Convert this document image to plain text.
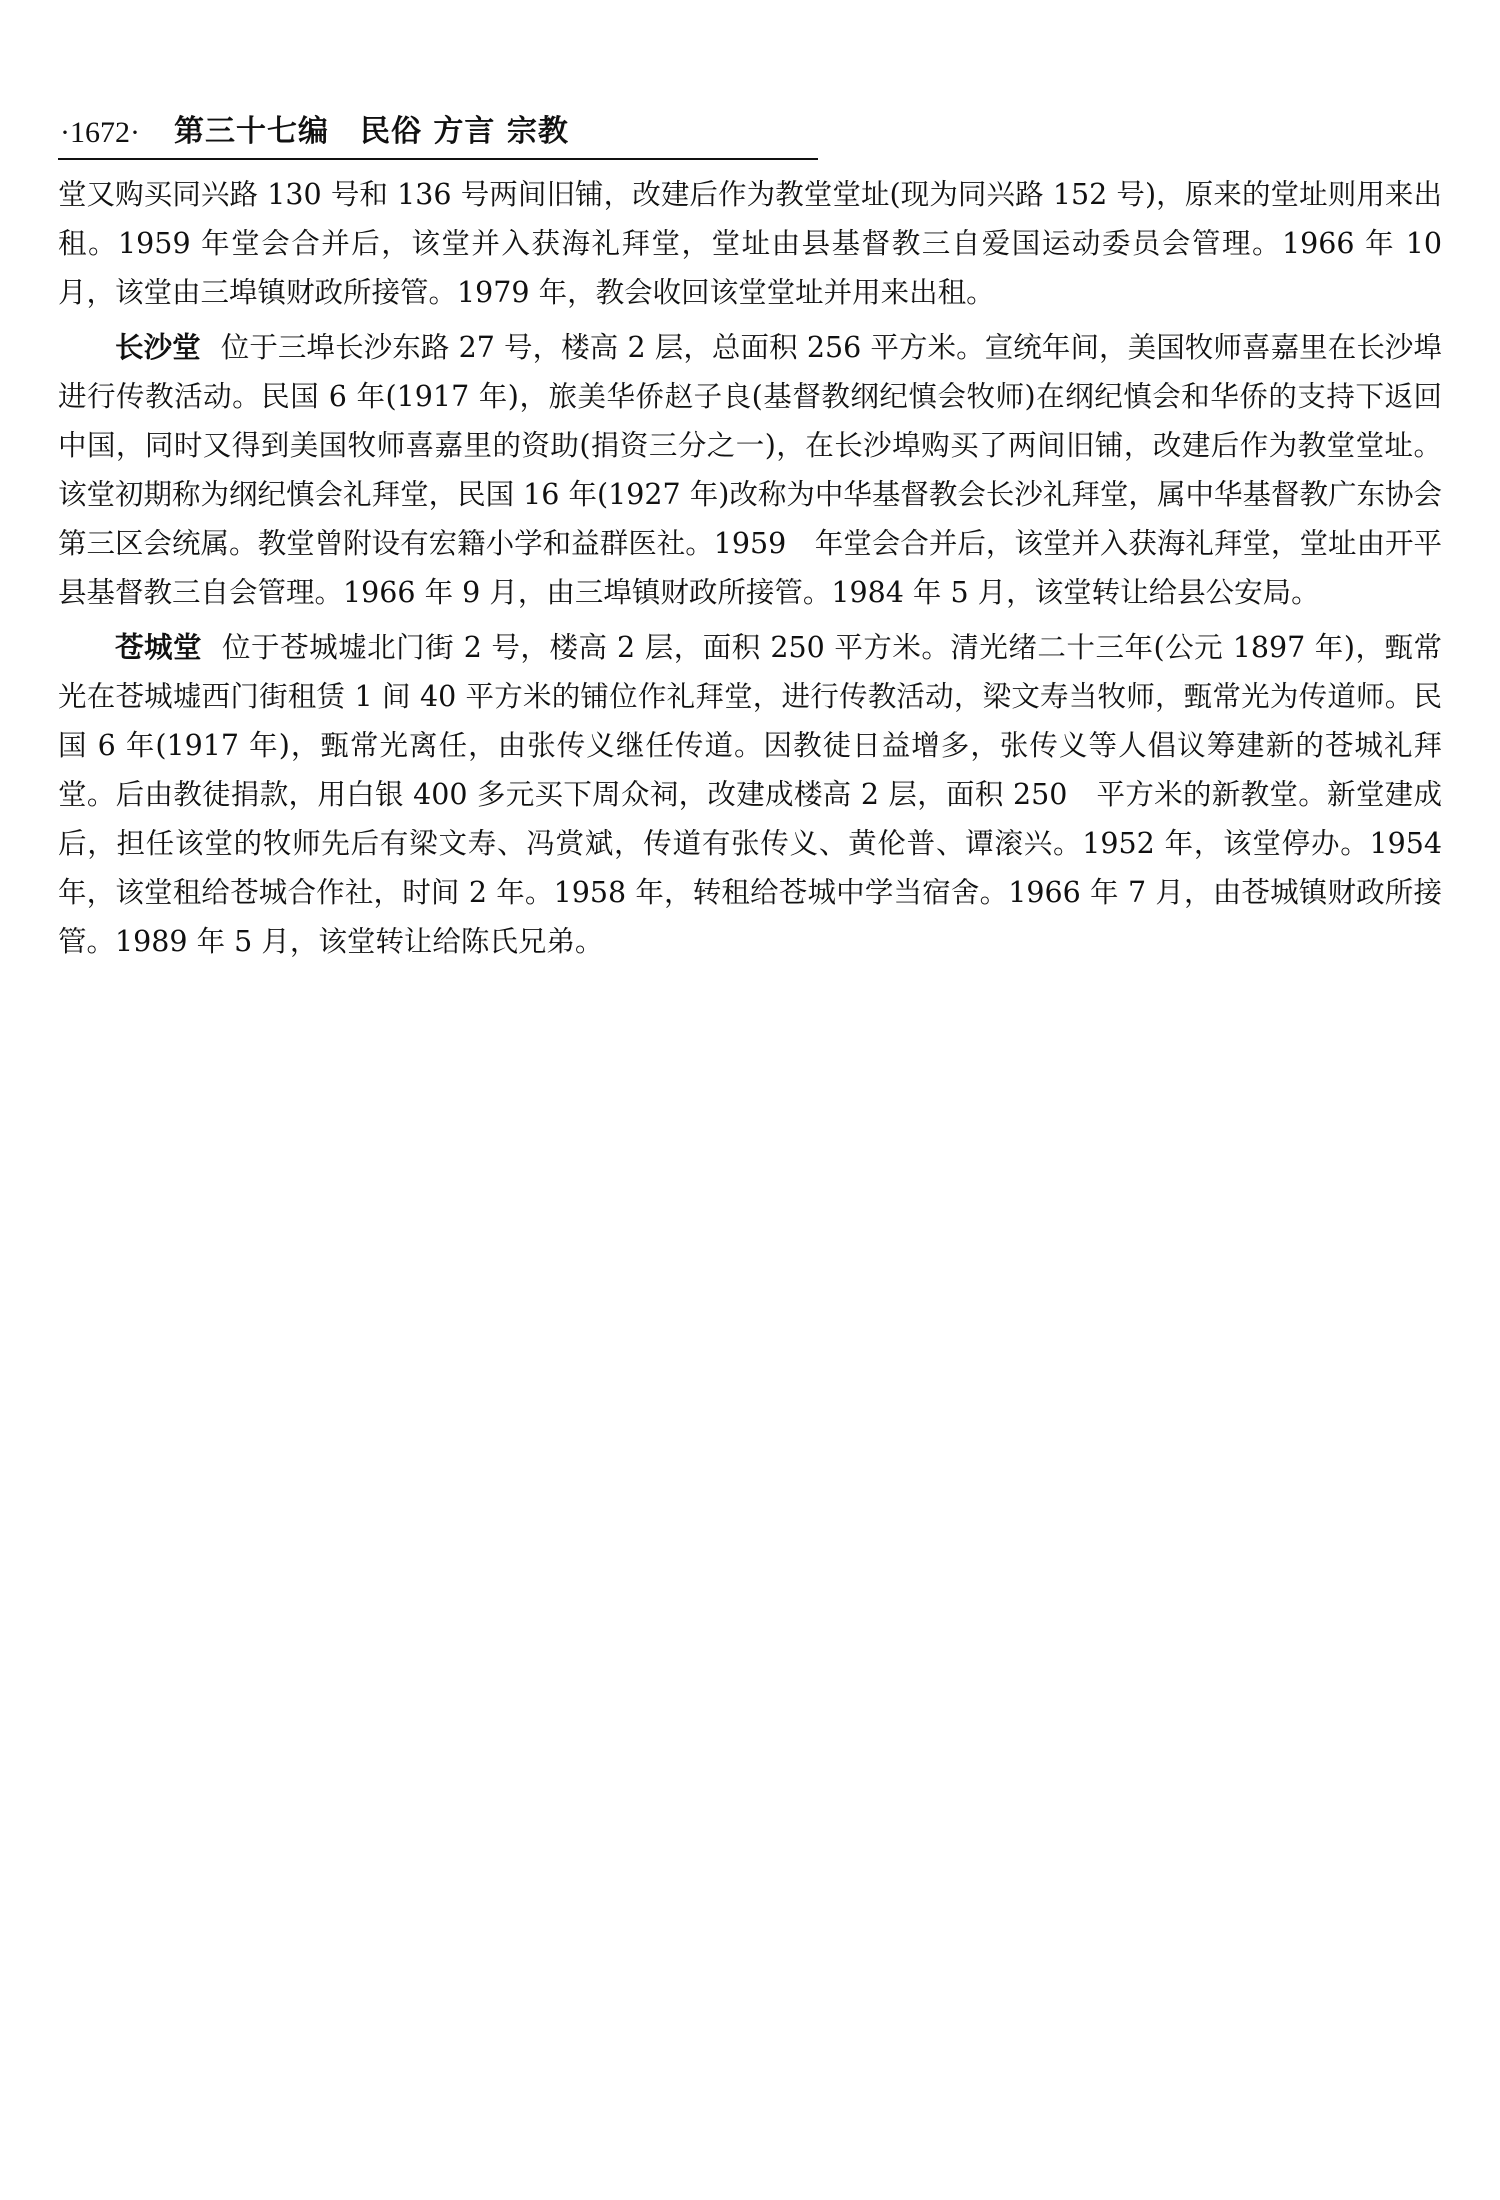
·1672· 第三十七编　民俗 方言 宗教

堂又购买同兴路 130 号和 136 号两间旧铺，改建后作为教堂堂址(现为同兴路 152 号)，原来的堂址则用来出租。1959 年堂会合并后，该堂并入获海礼拜堂，堂址由县基督教三自爱国运动委员会管理。1966 年 10 月，该堂由三埠镇财政所接管。1979 年，教会收回该堂堂址并用来出租。

长沙堂 位于三埠长沙东路 27 号，楼高 2 层，总面积 256 平方米。宣统年间，美国牧师喜嘉里在长沙埠进行传教活动。民国 6 年(1917 年)，旅美华侨赵子良(基督教纲纪慎会牧师)在纲纪慎会和华侨的支持下返回中国，同时又得到美国牧师喜嘉里的资助(捐资三分之一)，在长沙埠购买了两间旧铺，改建后作为教堂堂址。该堂初期称为纲纪慎会礼拜堂，民国 16 年(1927 年)改称为中华基督教会长沙礼拜堂，属中华基督教广东协会第三区会统属。教堂曾附设有宏籍小学和益群医社。1959　年堂会合并后，该堂并入获海礼拜堂，堂址由开平县基督教三自会管理。1966 年 9 月，由三埠镇财政所接管。1984 年 5 月，该堂转让给县公安局。

苍城堂 位于苍城墟北门街 2 号，楼高 2 层，面积 250 平方米。清光绪二十三年(公元 1897 年)，甄常光在苍城墟西门街租赁 1 间 40 平方米的铺位作礼拜堂，进行传教活动，梁文寿当牧师，甄常光为传道师。民国 6 年(1917 年)，甄常光离任，由张传义继任传道。因教徒日益增多，张传义等人倡议筹建新的苍城礼拜堂。后由教徒捐款，用白银 400 多元买下周众祠，改建成楼高 2 层，面积 250　平方米的新教堂。新堂建成后，担任该堂的牧师先后有梁文寿、冯赏斌，传道有张传义、黄伦普、谭滚兴。1952 年，该堂停办。1954 年，该堂租给苍城合作社，时间 2 年。1958 年，转租给苍城中学当宿舍。1966 年 7 月，由苍城镇财政所接管。1989 年 5 月，该堂转让给陈氏兄弟。
